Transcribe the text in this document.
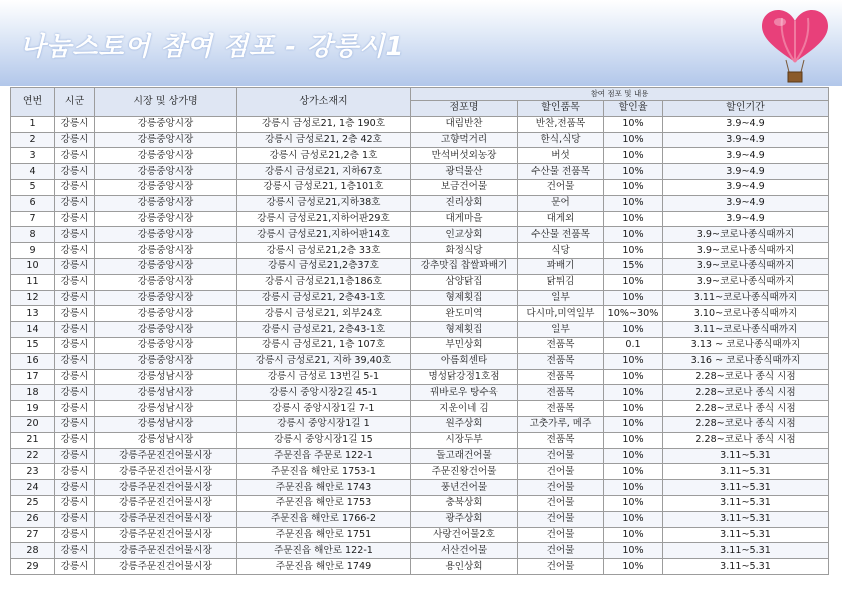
나눔스토어 참여 점포 - 강릉시1
연번	시군	시장 및 상가명	상가소재지	참여 점포 및 내용			
				점포명	할인품목	할인율	할인기간
1	강릉시	강릉중앙시장	강릉시 금성로21, 1층 190호	대림반찬	반찬,전품목	10%	3.9~4.9
2	강릉시	강릉중앙시장	강릉시 금성로21, 2층 42호	고향먹거리	한식,식당	10%	3.9~4.9
3	강릉시	강릉중앙시장	강릉시 금성로21,2층 1호	만석버섯외농장	버섯	10%	3.9~4.9
4	강릉시	강릉중앙시장	강릉시 금성로21, 지하67호	광덕물산	수산물 전품목	10%	3.9~4.9
5	강릉시	강릉중앙시장	강릉시 금성로21, 1층101호	보금건어물	건어물	10%	3.9~4.9
6	강릉시	강릉중앙시장	강릉시 금성로21,지하38호	진리상회	문어	10%	3.9~4.9
7	강릉시	강릉중앙시장	강릉시 금성로21,지하어판29호	대게마을	대게외	10%	3.9~4.9
8	강릉시	강릉중앙시장	강릉시 금성로21,지하어판14호	인교상회	수산물 전품목	10%	3.9~코로나종식때까지
9	강릉시	강릉중앙시장	강릉시 금성로21,2층 33호	화정식당	식당	10%	3.9~코로나종식때까지
10	강릉시	강릉중앙시장	강릉시 금성로21,2층37호	강추맛집 찹쌀꽈배기	꽈배기	15%	3.9~코로나종식때까지
11	강릉시	강릉중앙시장	강릉시 금성로21,1층186호	삼양닭집	닭튀김	10%	3.9~코로나종식때까지
12	강릉시	강릉중앙시장	강릉시 금성로21, 2층43-1호	형제횟집	일부	10%	3.11~코로나종식때까지
13	강릉시	강릉중앙시장	강릉시 금성로21, 외부24호	완도미역	다시마,미역일부	10%~30%	3.10~코로나종식때까지
14	강릉시	강릉중앙시장	강릉시 금성로21, 2층43-1호	형제횟집	일부	10%	3.11~코로나종식때까지
15	강릉시	강릉중앙시장	강릉시 금성로21, 1층 107호	부민상회	전품목	0.1	3.13 ~ 코로나종식때까지
16	강릉시	강릉중앙시장	강릉시 금성로21, 지하 39,40호	아름회센타	전품목	10%	3.16 ~ 코로나종식때까지
17	강릉시	강릉성남시장	강릉시 금성로 13번길 5-1	명성닭강정1호점	전품목	10%	2.28~코로나 종식 시점
18	강릉시	강릉성남시장	강릉시 중앙시장2길 45-1	꿔바로우 탕수육	전품목	10%	2.28~코로나 종식 시점
19	강릉시	강릉성남시장	강릉시 중앙시장1길 7-1	지운이네 김	전품목	10%	2.28~코로나 종식 시점
20	강릉시	강릉성남시장	강릉시 중앙시장1길 1	원주상회	고춧가루, 메주	10%	2.28~코로나 종식 시점
21	강릉시	강릉성남시장	강릉시 중앙시장1길 15	시장두부	전품목	10%	2.28~코로나 종식 시점
22	강릉시	강릉주문진건어물시장	주문진읍 주문로 122-1	돌고래건어물	건어물	10%	3.11~5.31
23	강릉시	강릉주문진건어물시장	주문진읍 해안로 1753-1	주문진왕건어물	건어물	10%	3.11~5.31
24	강릉시	강릉주문진건어물시장	주문진읍 해안로 1743	풍년건어물	건어물	10%	3.11~5.31
25	강릉시	강릉주문진건어물시장	주문진읍 해안로 1753	충북상회	건어물	10%	3.11~5.31
26	강릉시	강릉주문진건어물시장	주문진읍 해안로 1766-2	광주상회	건어물	10%	3.11~5.31
27	강릉시	강릉주문진건어물시장	주문진읍 해안로 1751	사랑건어물2호	건어물	10%	3.11~5.31
28	강릉시	강릉주문진건어물시장	주문진읍 해안로 122-1	서산건어물	건어물	10%	3.11~5.31
29	강릉시	강릉주문진건어물시장	주문진읍 해안로 1749	용인상회	건어물	10%	3.11~5.31
